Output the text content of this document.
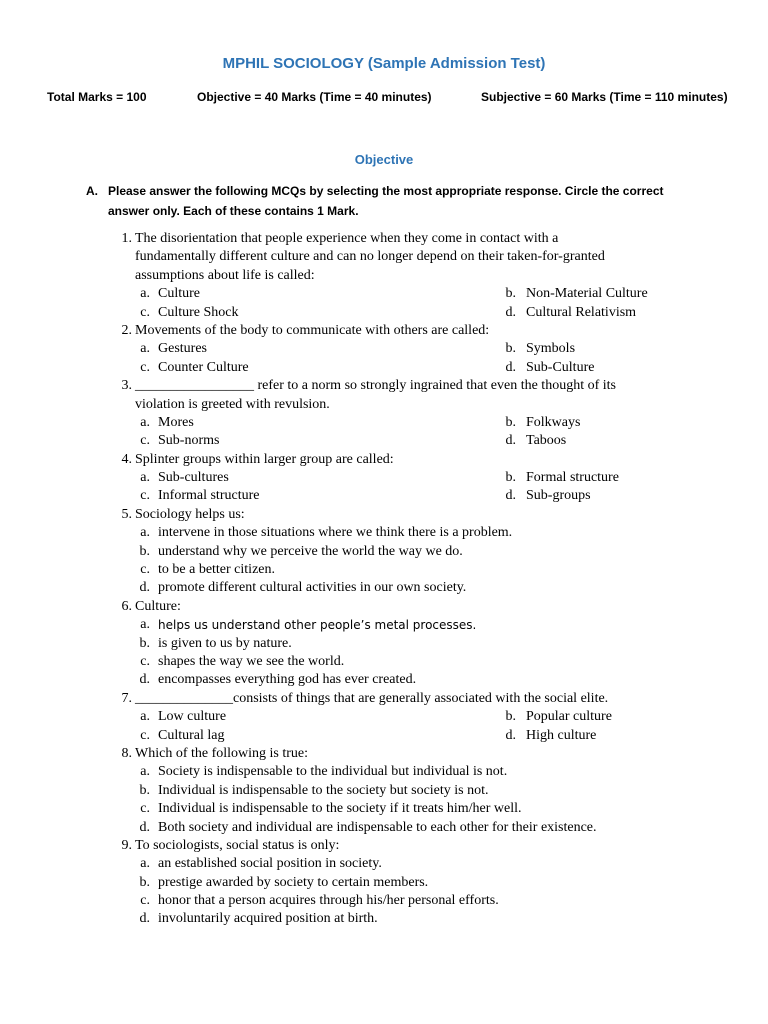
MPHIL SOCIOLOGY (Sample Admission Test)
Total Marks = 100	Objective = 40 Marks (Time = 40 minutes)	Subjective = 60 Marks (Time = 110 minutes)
Objective
A. Please answer the following MCQs by selecting the most appropriate response. Circle the correct
answer only. Each of these contains 1 Mark.
1. The disorientation that people experience when they come in contact with a
fundamentally different culture and can no longer depend on their taken-for-granted
assumptions about life is called:
a. Culture	b. Non-Material Culture
c. Culture Shock	d. Cultural Relativism
2. Movements of the body to communicate with others are called:
a. Gestures	b. Symbols
c. Counter Culture	d. Sub-Culture
3. _________________ refer to a norm so strongly ingrained that even the thought of its
violation is greeted with revulsion.
a. Mores	b. Folkways
c. Sub-norms	d. Taboos
4. Splinter groups within larger group are called:
a. Sub-cultures	b. Formal structure
c. Informal structure	d. Sub-groups
5. Sociology helps us:
a. intervene in those situations where we think there is a problem.
b. understand why we perceive the world the way we do.
c. to be a better citizen.
d. promote different cultural activities in our own society.
6. Culture:
a. helps us understand other people’s metal processes.
b. is given to us by nature.
c. shapes the way we see the world.
d. encompasses everything god has ever created.
7. ______________consists of things that are generally associated with the social elite.
a. Low culture	b. Popular culture
c. Cultural lag	d. High culture
8. Which of the following is true:
a. Society is indispensable to the individual but individual is not.
b. Individual is indispensable to the society but society is not.
c. Individual is indispensable to the society if it treats him/her well.
d. Both society and individual are indispensable to each other for their existence.
9. To sociologists, social status is only:
a. an established social position in society.
b. prestige awarded by society to certain members.
c. honor that a person acquires through his/her personal efforts.
d. involuntarily acquired position at birth.
